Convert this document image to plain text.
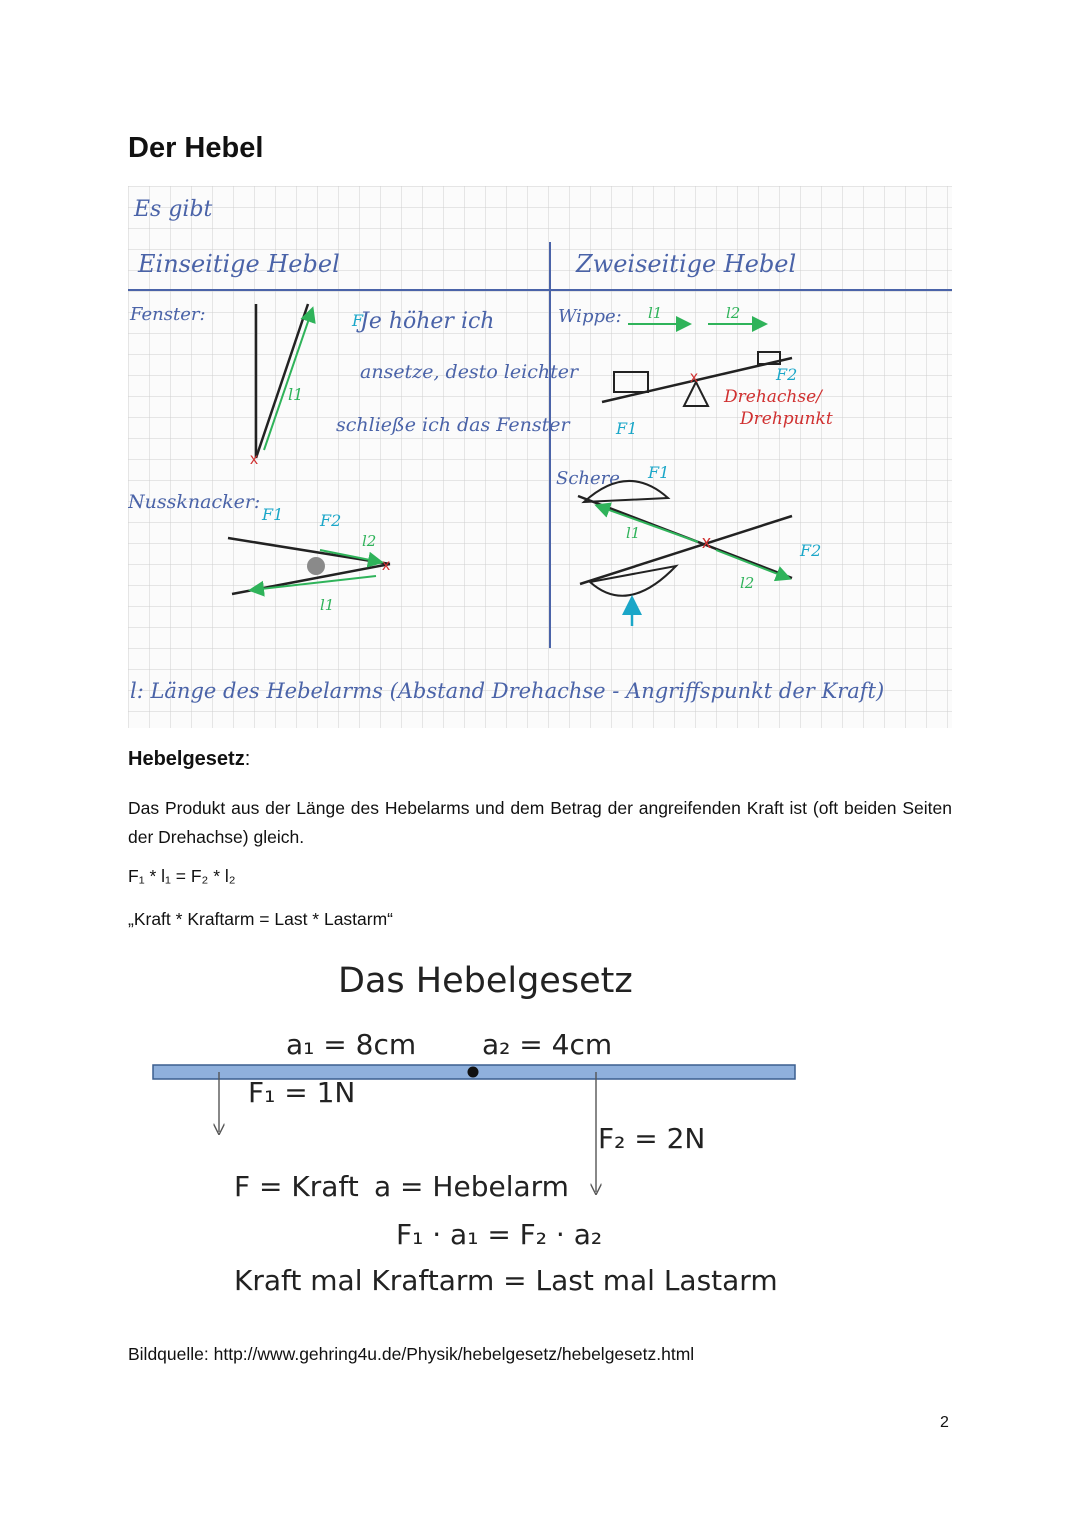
Der Hebel
Es gibt
Einseitige Hebel	Zweiseitige Hebel
Fenster:
x
l1
F
Je höher ich
ansetze, desto leichter
schließe ich das Fenster
Nussknacker:
x
l2
l1
F1 F2
Wippe:
x
l1	l2
F1
F2
Drehachse/
Drehpunkt
Schere
x
l1
l2
F1
F2
l: Länge des Hebelarms (Abstand Drehachse - Angriffspunkt der Kraft)
Hebelgesetz:

Das Produkt aus der Länge des Hebelarms und dem Betrag der angreifenden Kraft ist (oft beiden Seiten der Drehachse) gleich.

F₁ * l₁ = F₂ * l₂

„Kraft * Kraftarm = Last * Lastarm“

Das Hebelgesetz
a₁ = 8cm a₂ = 4cm
F₁ = 1N
F₂ = 2N
F = Kraft a = Hebelarm
F₁ · a₁ = F₂ · a₂
Kraft mal Kraftarm = Last mal Lastarm

Bildquelle: http://www.gehring4u.de/Physik/hebelgesetz/hebelgesetz.html

2
